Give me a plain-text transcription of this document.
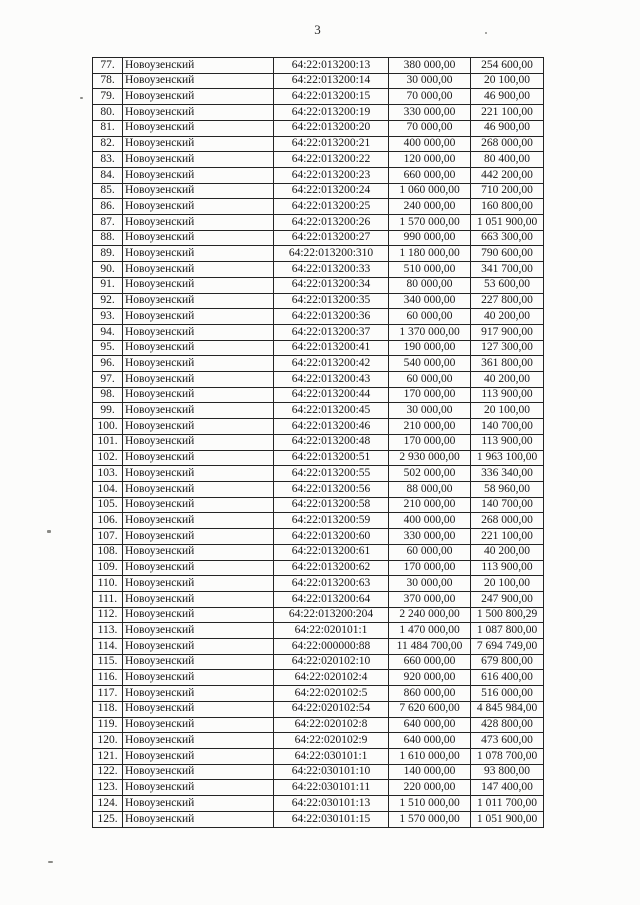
3
77.	Новоузенский	64:22:013200:13	380 000,00	254 600,00
78.	Новоузенский	64:22:013200:14	30 000,00	20 100,00
79.	Новоузенский	64:22:013200:15	70 000,00	46 900,00
80.	Новоузенский	64:22:013200:19	330 000,00	221 100,00
81.	Новоузенский	64:22:013200:20	70 000,00	46 900,00
82.	Новоузенский	64:22:013200:21	400 000,00	268 000,00
83.	Новоузенский	64:22:013200:22	120 000,00	80 400,00
84.	Новоузенский	64:22:013200:23	660 000,00	442 200,00
85.	Новоузенский	64:22:013200:24	1 060 000,00	710 200,00
86.	Новоузенский	64:22:013200:25	240 000,00	160 800,00
87.	Новоузенский	64:22:013200:26	1 570 000,00	1 051 900,00
88.	Новоузенский	64:22:013200:27	990 000,00	663 300,00
89.	Новоузенский	64:22:013200:310	1 180 000,00	790 600,00
90.	Новоузенский	64:22:013200:33	510 000,00	341 700,00
91.	Новоузенский	64:22:013200:34	80 000,00	53 600,00
92.	Новоузенский	64:22:013200:35	340 000,00	227 800,00
93.	Новоузенский	64:22:013200:36	60 000,00	40 200,00
94.	Новоузенский	64:22:013200:37	1 370 000,00	917 900,00
95.	Новоузенский	64:22:013200:41	190 000,00	127 300,00
96.	Новоузенский	64:22:013200:42	540 000,00	361 800,00
97.	Новоузенский	64:22:013200:43	60 000,00	40 200,00
98.	Новоузенский	64:22:013200:44	170 000,00	113 900,00
99.	Новоузенский	64:22:013200:45	30 000,00	20 100,00
100.	Новоузенский	64:22:013200:46	210 000,00	140 700,00
101.	Новоузенский	64:22:013200:48	170 000,00	113 900,00
102.	Новоузенский	64:22:013200:51	2 930 000,00	1 963 100,00
103.	Новоузенский	64:22:013200:55	502 000,00	336 340,00
104.	Новоузенский	64:22:013200:56	88 000,00	58 960,00
105.	Новоузенский	64:22:013200:58	210 000,00	140 700,00
106.	Новоузенский	64:22:013200:59	400 000,00	268 000,00
107.	Новоузенский	64:22:013200:60	330 000,00	221 100,00
108.	Новоузенский	64:22:013200:61	60 000,00	40 200,00
109.	Новоузенский	64:22:013200:62	170 000,00	113 900,00
110.	Новоузенский	64:22:013200:63	30 000,00	20 100,00
111.	Новоузенский	64:22:013200:64	370 000,00	247 900,00
112.	Новоузенский	64:22:013200:204	2 240 000,00	1 500 800,29
113.	Новоузенский	64:22:020101:1	1 470 000,00	1 087 800,00
114.	Новоузенский	64:22:000000:88	11 484 700,00	7 694 749,00
115.	Новоузенский	64:22:020102:10	660 000,00	679 800,00
116.	Новоузенский	64:22:020102:4	920 000,00	616 400,00
117.	Новоузенский	64:22:020102:5	860 000,00	516 000,00
118.	Новоузенский	64:22:020102:54	7 620 600,00	4 845 984,00
119.	Новоузенский	64:22:020102:8	640 000,00	428 800,00
120.	Новоузенский	64:22:020102:9	640 000,00	473 600,00
121.	Новоузенский	64:22:030101:1	1 610 000,00	1 078 700,00
122.	Новоузенский	64:22:030101:10	140 000,00	93 800,00
123.	Новоузенский	64:22:030101:11	220 000,00	147 400,00
124.	Новоузенский	64:22:030101:13	1 510 000,00	1 011 700,00
125.	Новоузенский	64:22:030101:15	1 570 000,00	1 051 900,00
